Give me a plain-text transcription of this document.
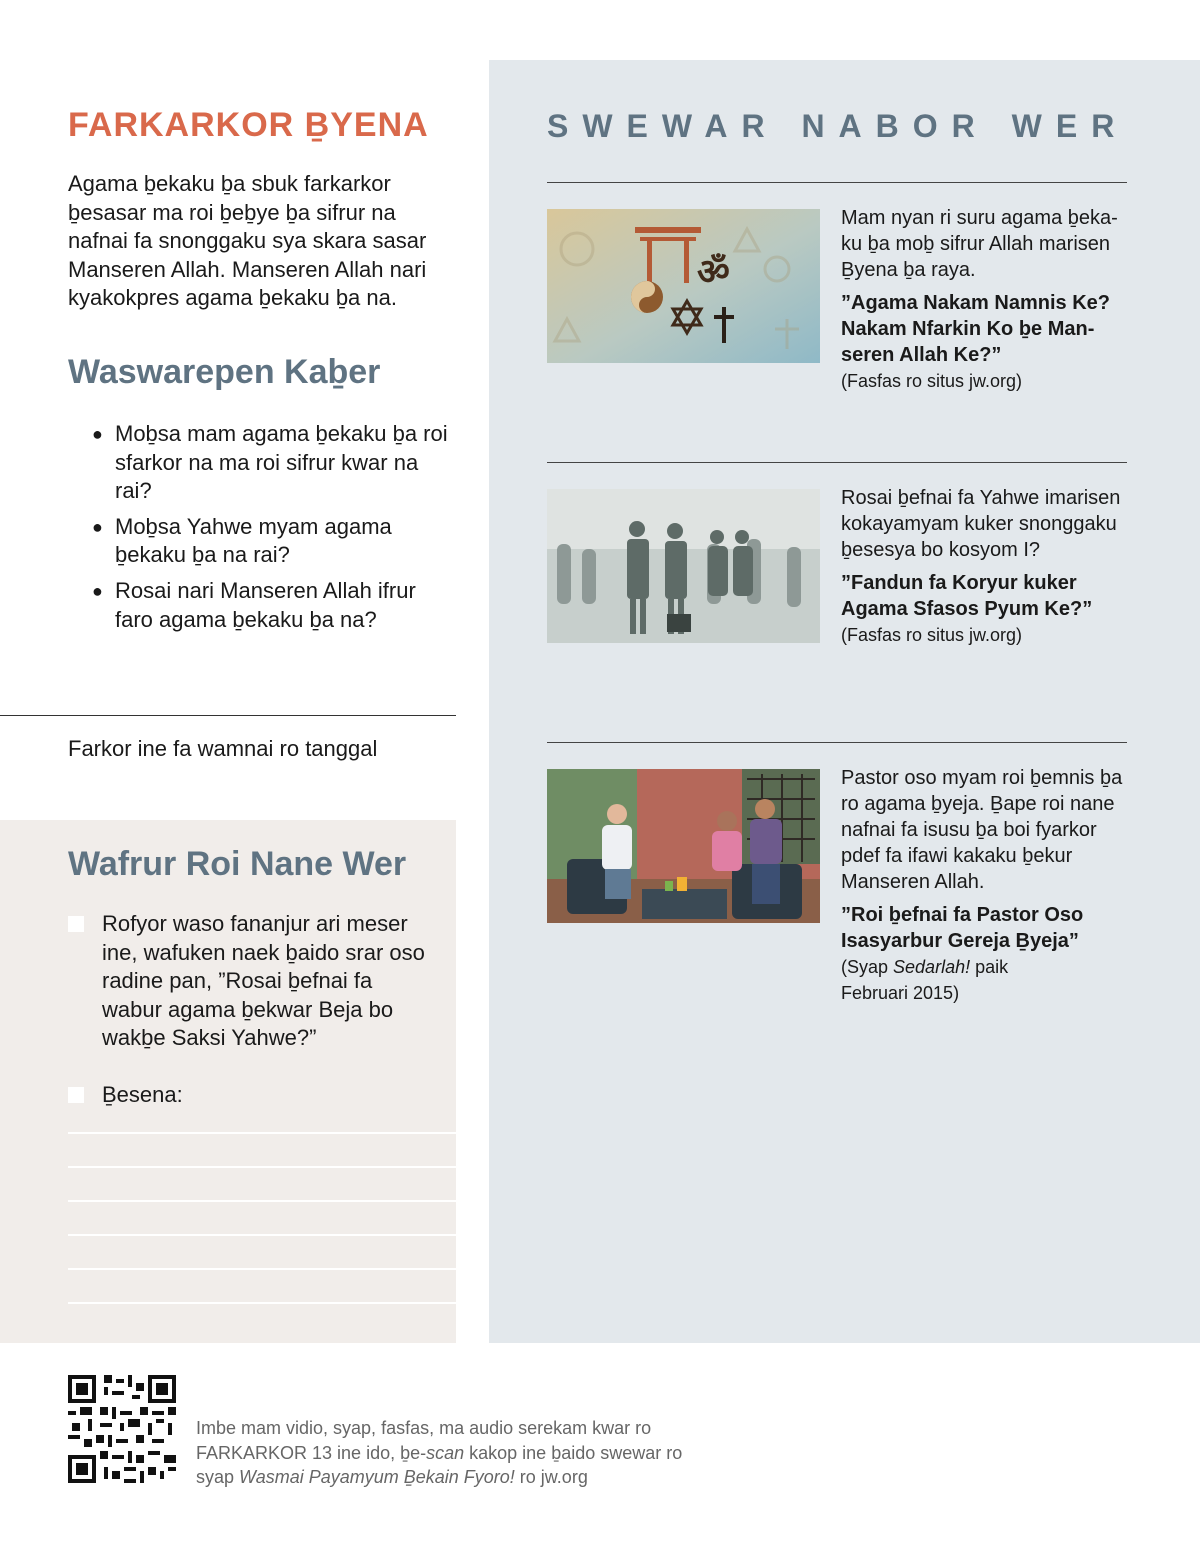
FARKARKOR ḆYENA

Agama ḇekaku ḇa sbuk farkarkor ḇesasar ma roi ḇeḇye ḇa sifrur na nafnai fa snonggaku sya skara sasar Manseren Allah. Manseren Allah nari kyakokpres agama ḇekaku ḇa na.

Waswarepen Kaḇer
● Moḇsa mam agama ḇekaku ḇa roi sfarkor na ma roi sifrur kwar na rai?
● Moḇsa Yahwe myam agama ḇekaku ḇa na rai?
● Rosai nari Manseren Allah ifrur faro agama ḇekaku ḇa na?
Farkor ine fa wamnai ro tanggal
Wafrur Roi Nane Wer
Rofyor waso fananjur ari meser ine, wafuken naek ḇaido srar oso radine pan, ”Rosai ḇefnai fa wabur agama ḇekwar Beja bo wakḇe Saksi Yahwe?”
Ḇesena:
SWEWAR NABOR WER
ॐ

Mam nyan ri suru agama ḇekaku ḇa moḇ sifrur Allah marisen Ḇyena ḇa raya.

”Agama Nakam Namnis Ke? Nakam Nfarkin Ko ḇe Manseren Allah Ke?”

(Fasfas ro situs jw.org)

Rosai ḇefnai fa Yahwe imarisen kokayamyam kuker snonggaku ḇesesya bo kosyom I?

”Fandun fa Koryur kuker Agama Sfasos Pyum Ke?”

(Fasfas ro situs jw.org)

Pastor oso myam roi ḇemnis ḇa ro agama ḇyeja. Ḇape roi nane nafnai fa isusu ḇa boi fyarkor pdef fa ifawi kakaku ḇekur Manseren Allah.

”Roi ḇefnai fa Pastor Oso Isasyarbur Gereja Ḇyeja”

(Syap Sedarlah! paik
Februari 2015)

Imbe mam vidio, syap, fasfas, ma audio serekam kwar ro FARKARKOR 13 ine ido, ḇe-scan kakop ine ḇaido swewar ro syap Wasmai Payamyum Ḇekain Fyoro! ro jw.org
